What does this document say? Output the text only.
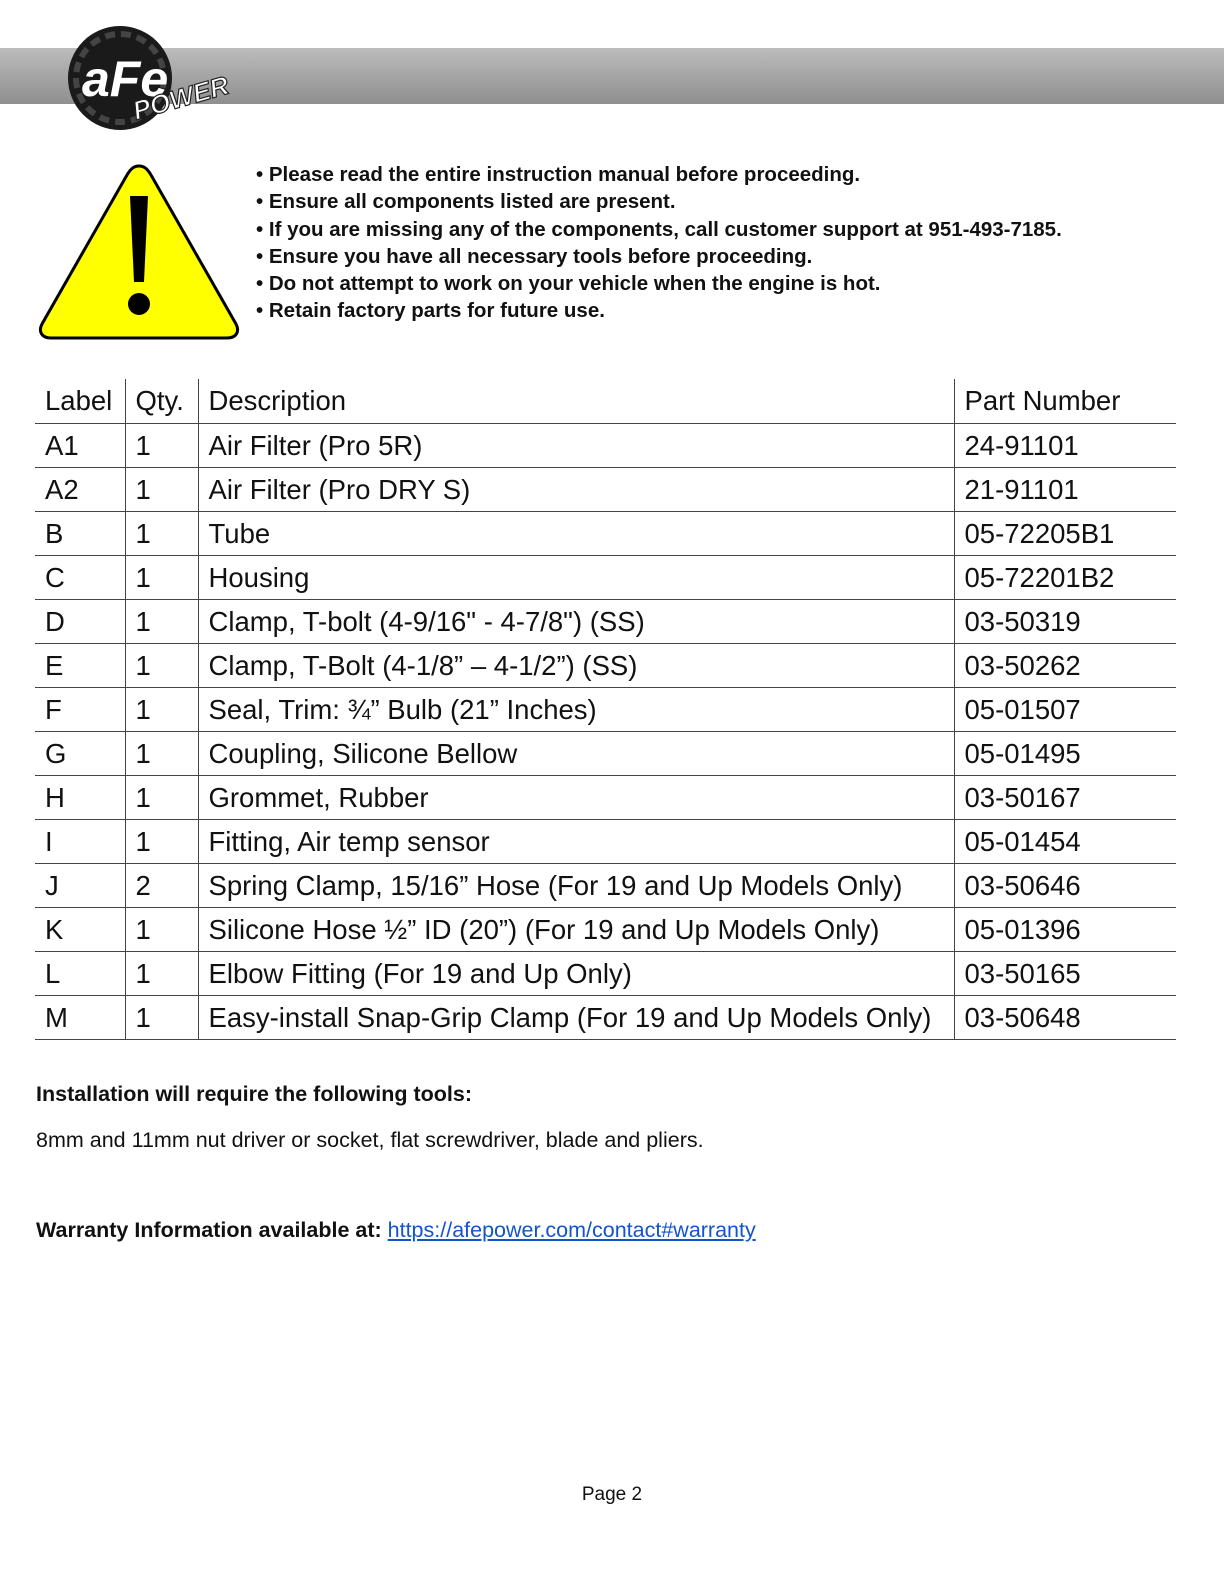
aFe
POWER
• Please read the entire instruction manual before proceeding.
• Ensure all components listed are present.
• If you are missing any of the components, call customer support at 951-493-7185.
• Ensure you have all necessary tools before proceeding.
• Do not attempt to work on your vehicle when the engine is hot.
• Retain factory parts for future use.
Label	Qty.	Description	Part Number
A1	1	Air Filter (Pro 5R)	24-91101
A2	1	Air Filter (Pro DRY S)	21-91101
B	1	Tube	05-72205B1
C	1	Housing	05-72201B2
D	1	Clamp, T-bolt (4-9/16" - 4-7/8") (SS)	03-50319
E	1	Clamp, T-Bolt (4-1/8” – 4-1/2”) (SS)	03-50262
F	1	Seal, Trim: ¾” Bulb (21” Inches)	05-01507
G	1	Coupling, Silicone Bellow	05-01495
H	1	Grommet, Rubber	03-50167
I	1	Fitting, Air temp sensor	05-01454
J	2	Spring Clamp, 15/16” Hose (For 19 and Up Models Only)	03-50646
K	1	Silicone Hose ½” ID (20”) (For 19 and Up Models Only)	05-01396
L	1	Elbow Fitting (For 19 and Up Only)	03-50165
M	1	Easy-install Snap-Grip Clamp (For 19 and Up Models Only)	03-50648
Installation will require the following tools:
8mm and 11mm nut driver or socket, flat screwdriver, blade and pliers.
Warranty Information available at: https://afepower.com/contact#warranty
Page 2
